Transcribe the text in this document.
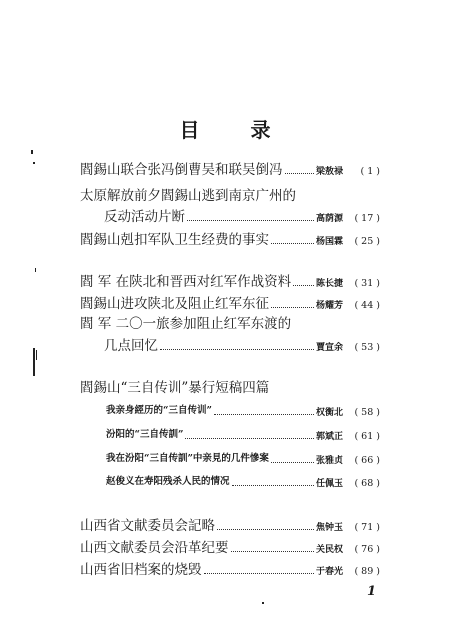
目 录
閻錫山联合张冯倒曹吴和联吴倒冯	梁敖禄	( 1 )
太原解放前夕閻錫山逃到南京广州的
反动活动片断	高荫源	( 17 )
閻錫山剋扣军队卫生经费的事实	杨国霖	( 25 )
閻 军 在陕北和晋西对红军作战资料	陈长捷	( 31 )
閻錫山进攻陕北及阻止红军东征	杨耀芳	( 44 )
閻 军 二〇一旅参加阻止红军东渡的
几点回忆	賈宣余	( 53 )
閻錫山“三自传训”暴行短稿四篇
我亲身經历的“三自传训”	权衡北	( 58 )
汾阳的“三自传訓”	郭斌正	( 61 )
我在汾阳“三自传訓”中亲見的几件慘案	张雅贞	( 66 )
赵俊义在寿阳残杀人民的情况	任佩玉	( 68 )
山西省文献委员会記略	焦钟玉	( 71 )
山西文献委员会沿革纪要	关民权	( 76 )
山西省旧档案的烧毁	于春光	( 89 )
1
